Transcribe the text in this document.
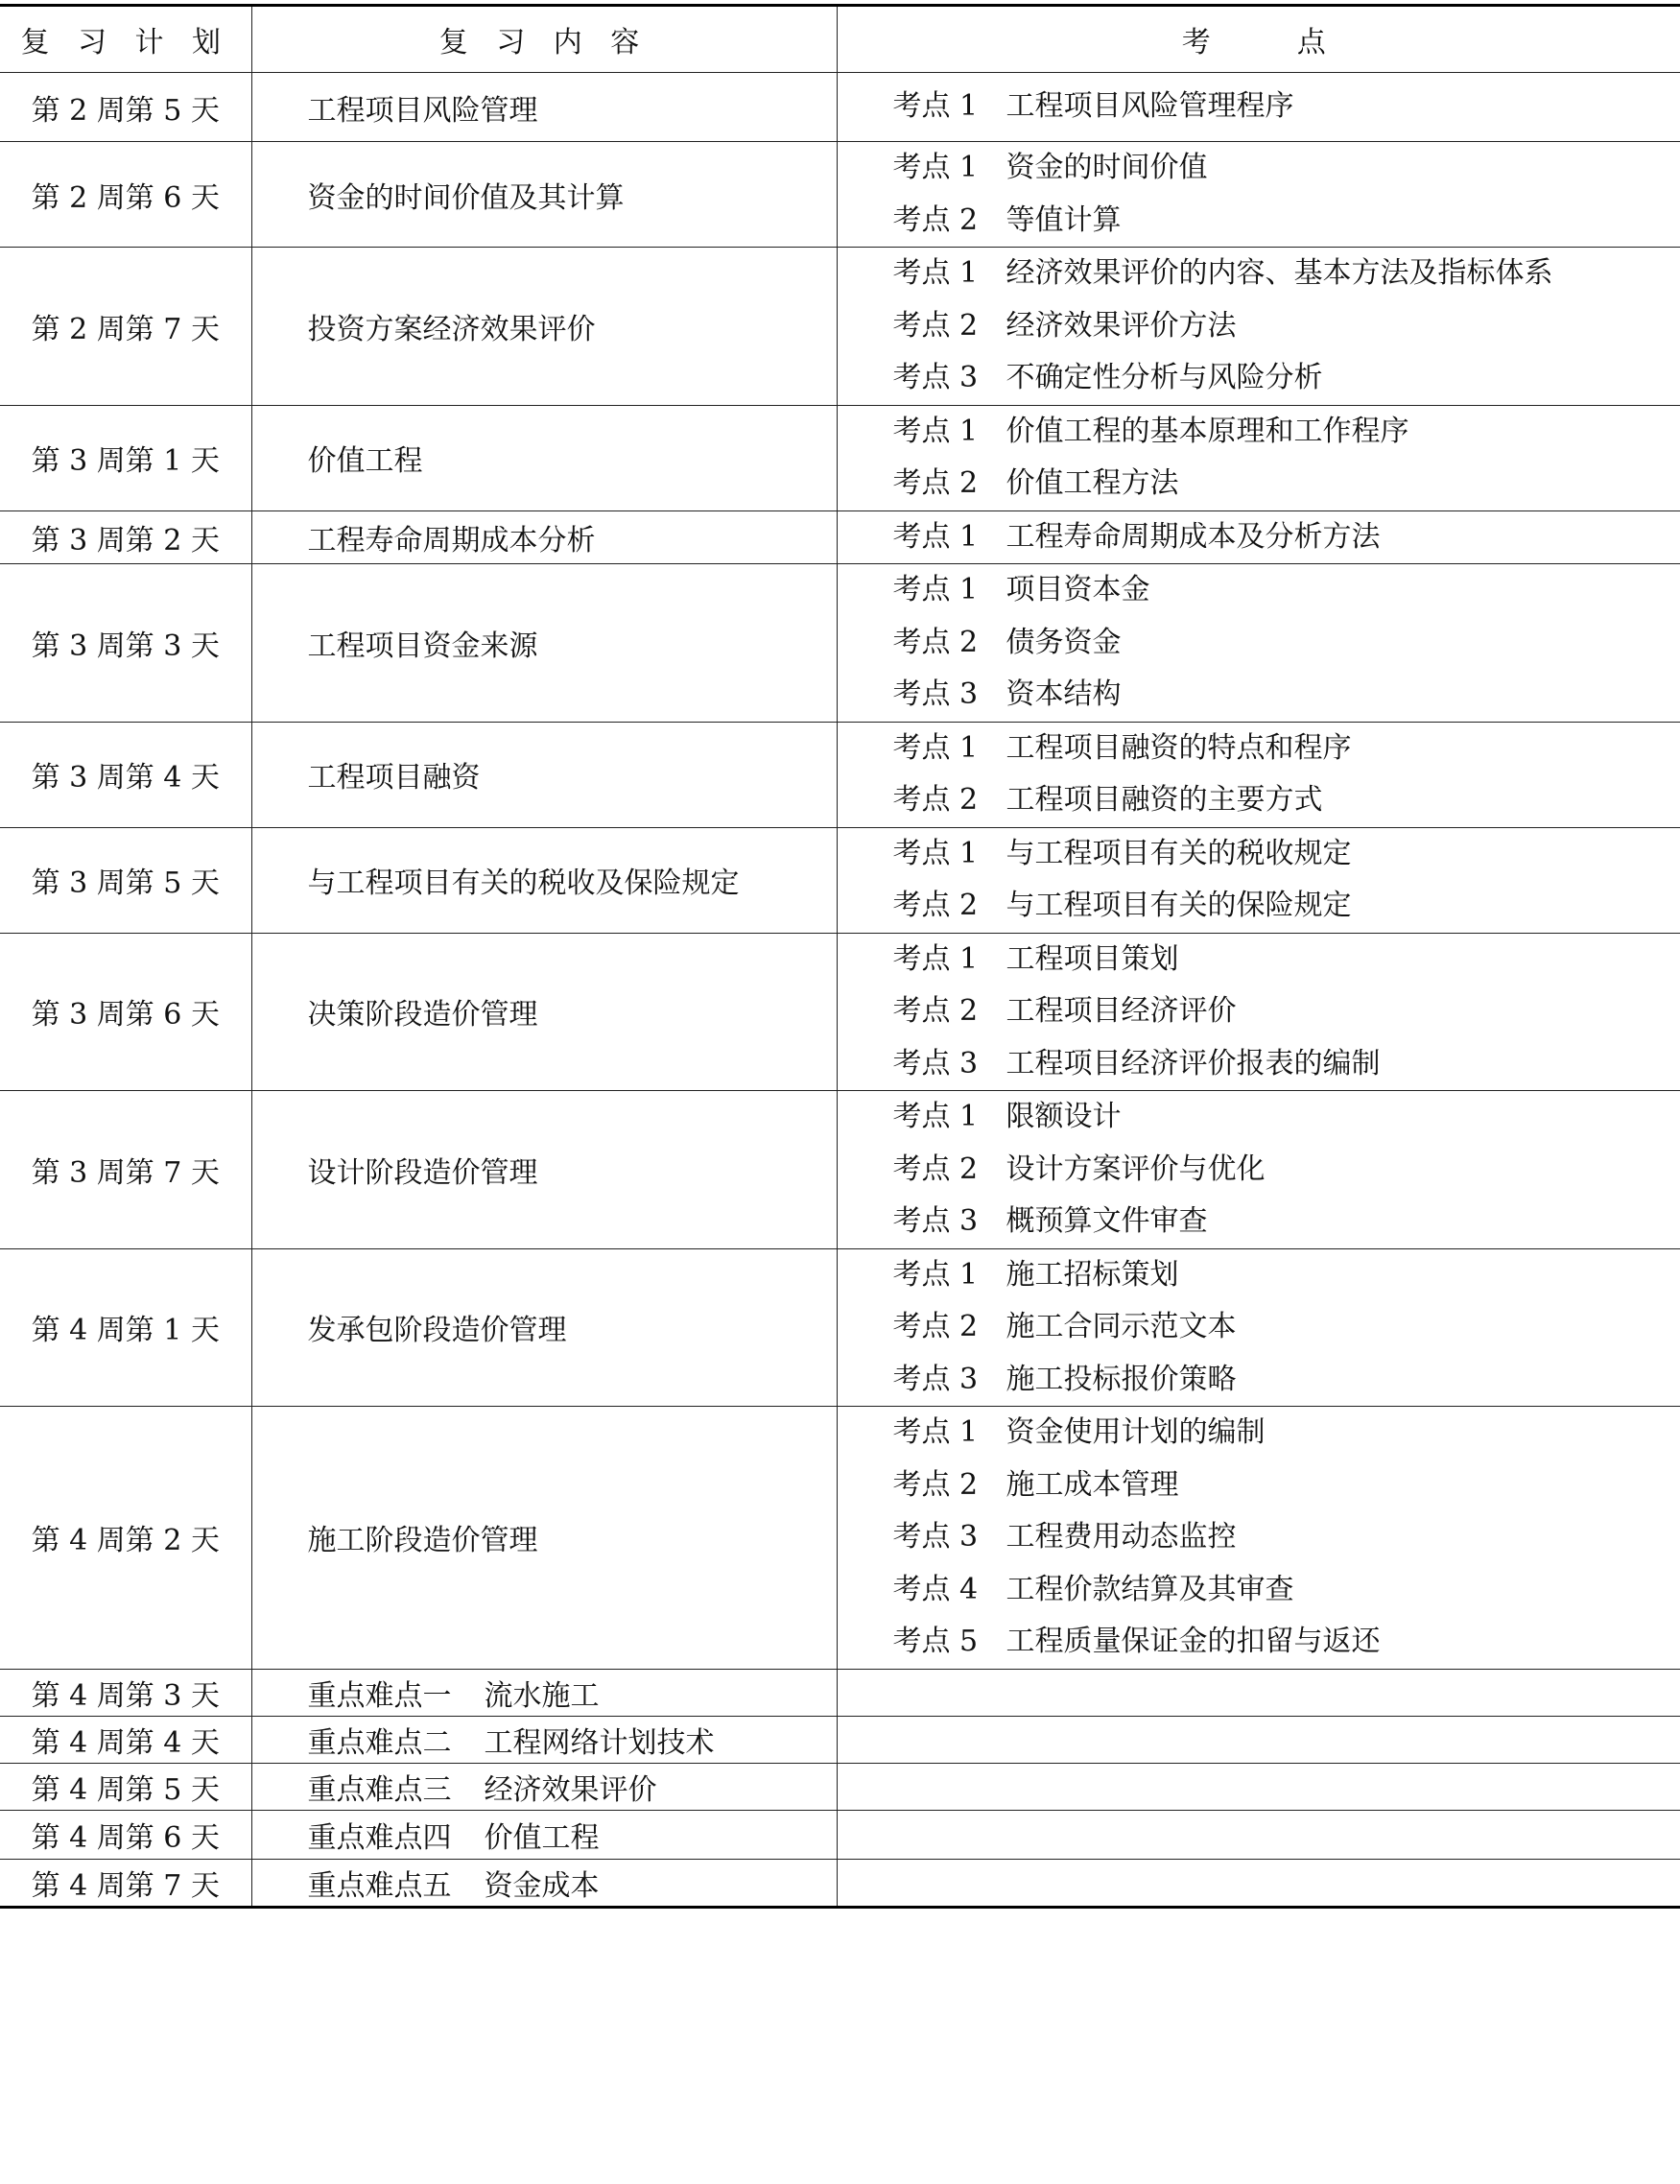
复 习 计 划	复 习 内 容	考　　点
第 2 周第 5 天	工程项目风险管理	考点 1 工程项目风险管理程序

第 2 周第 6 天	资金的时间价值及其计算	考点 1 资金的时间价值
考点 2 等值计算

第 2 周第 7 天	投资方案经济效果评价	考点 1 经济效果评价的内容、基本方法及指标体系
考点 2 经济效果评价方法
考点 3 不确定性分析与风险分析

第 3 周第 1 天	价值工程	考点 1 价值工程的基本原理和工作程序
考点 2 价值工程方法

第 3 周第 2 天	工程寿命周期成本分析	考点 1 工程寿命周期成本及分析方法

第 3 周第 3 天	工程项目资金来源	考点 1 项目资本金
考点 2 债务资金
考点 3 资本结构

第 3 周第 4 天	工程项目融资	考点 1 工程项目融资的特点和程序
考点 2 工程项目融资的主要方式

第 3 周第 5 天	与工程项目有关的税收及保险规定	考点 1 与工程项目有关的税收规定
考点 2 与工程项目有关的保险规定

第 3 周第 6 天	决策阶段造价管理	考点 1 工程项目策划
考点 2 工程项目经济评价
考点 3 工程项目经济评价报表的编制

第 3 周第 7 天	设计阶段造价管理	考点 1 限额设计
考点 2 设计方案评价与优化
考点 3 概预算文件审查

第 4 周第 1 天	发承包阶段造价管理	考点 1 施工招标策划
考点 2 施工合同示范文本
考点 3 施工投标报价策略

第 4 周第 2 天	施工阶段造价管理	考点 1 资金使用计划的编制
考点 2 施工成本管理
考点 3 工程费用动态监控
考点 4 工程价款结算及其审查
考点 5 工程质量保证金的扣留与返还

第 4 周第 3 天	重点难点一 流水施工	
第 4 周第 4 天	重点难点二 工程网络计划技术	
第 4 周第 5 天	重点难点三 经济效果评价	
第 4 周第 6 天	重点难点四 价值工程	
第 4 周第 7 天	重点难点五 资金成本	
